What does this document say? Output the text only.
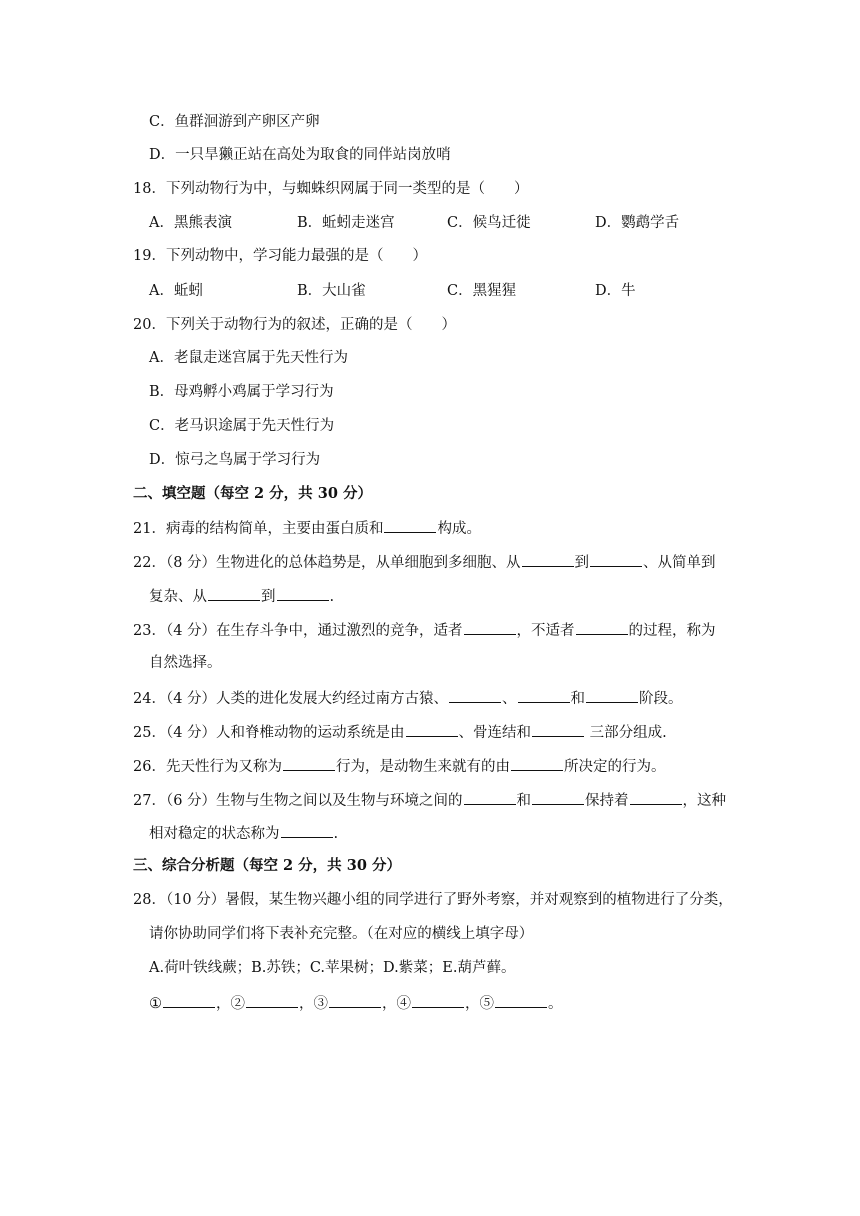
C．鱼群洄游到产卵区产卵
D．一只旱獭正站在高处为取食的同伴站岗放哨
18．下列动物行为中，与蜘蛛织网属于同一类型的是（　　）
A．黑熊表演	B．蚯蚓走迷宫	C．候鸟迁徙	D．鹦鹉学舌
19．下列动物中，学习能力最强的是（　　）
A．蚯蚓	B．大山雀	C．黑猩猩	D．牛
20．下列关于动物行为的叙述，正确的是（　　）
A．老鼠走迷宫属于先天性行为
B．母鸡孵小鸡属于学习行为
C．老马识途属于先天性行为
D．惊弓之鸟属于学习行为
二、填空题（每空 2 分，共 30 分）
21．病毒的结构简单，主要由蛋白质和	构成。
22．（8 分）生物进化的总体趋势是，从单细胞到多细胞、从	到	、从简单到
复杂、从	到	.
23．（4 分）在生存斗争中，通过激烈的竞争，适者	，不适者	的过程，称为
自然选择。
24．（4 分）人类的进化发展大约经过南方古猿、	、	和	阶段。
25．（4 分）人和脊椎动物的运动系统是由	、骨连结和	三部分组成.
26．先天性行为又称为	行为，是动物生来就有的由	所决定的行为。
27．（6 分）生物与生物之间以及生物与环境之间的	和	保持着	，这种
相对稳定的状态称为	.
三、综合分析题（每空 2 分，共 30 分）
28．（10 分）暑假，某生物兴趣小组的同学进行了野外考察，并对观察到的植物进行了分类，
请你协助同学们将下表补充完整。（在对应的横线上填字母）
A.荷叶铁线蕨；B.苏铁；C.苹果树；D.紫菜；E.葫芦藓。
①	，②	，③	，④	，⑤	。
